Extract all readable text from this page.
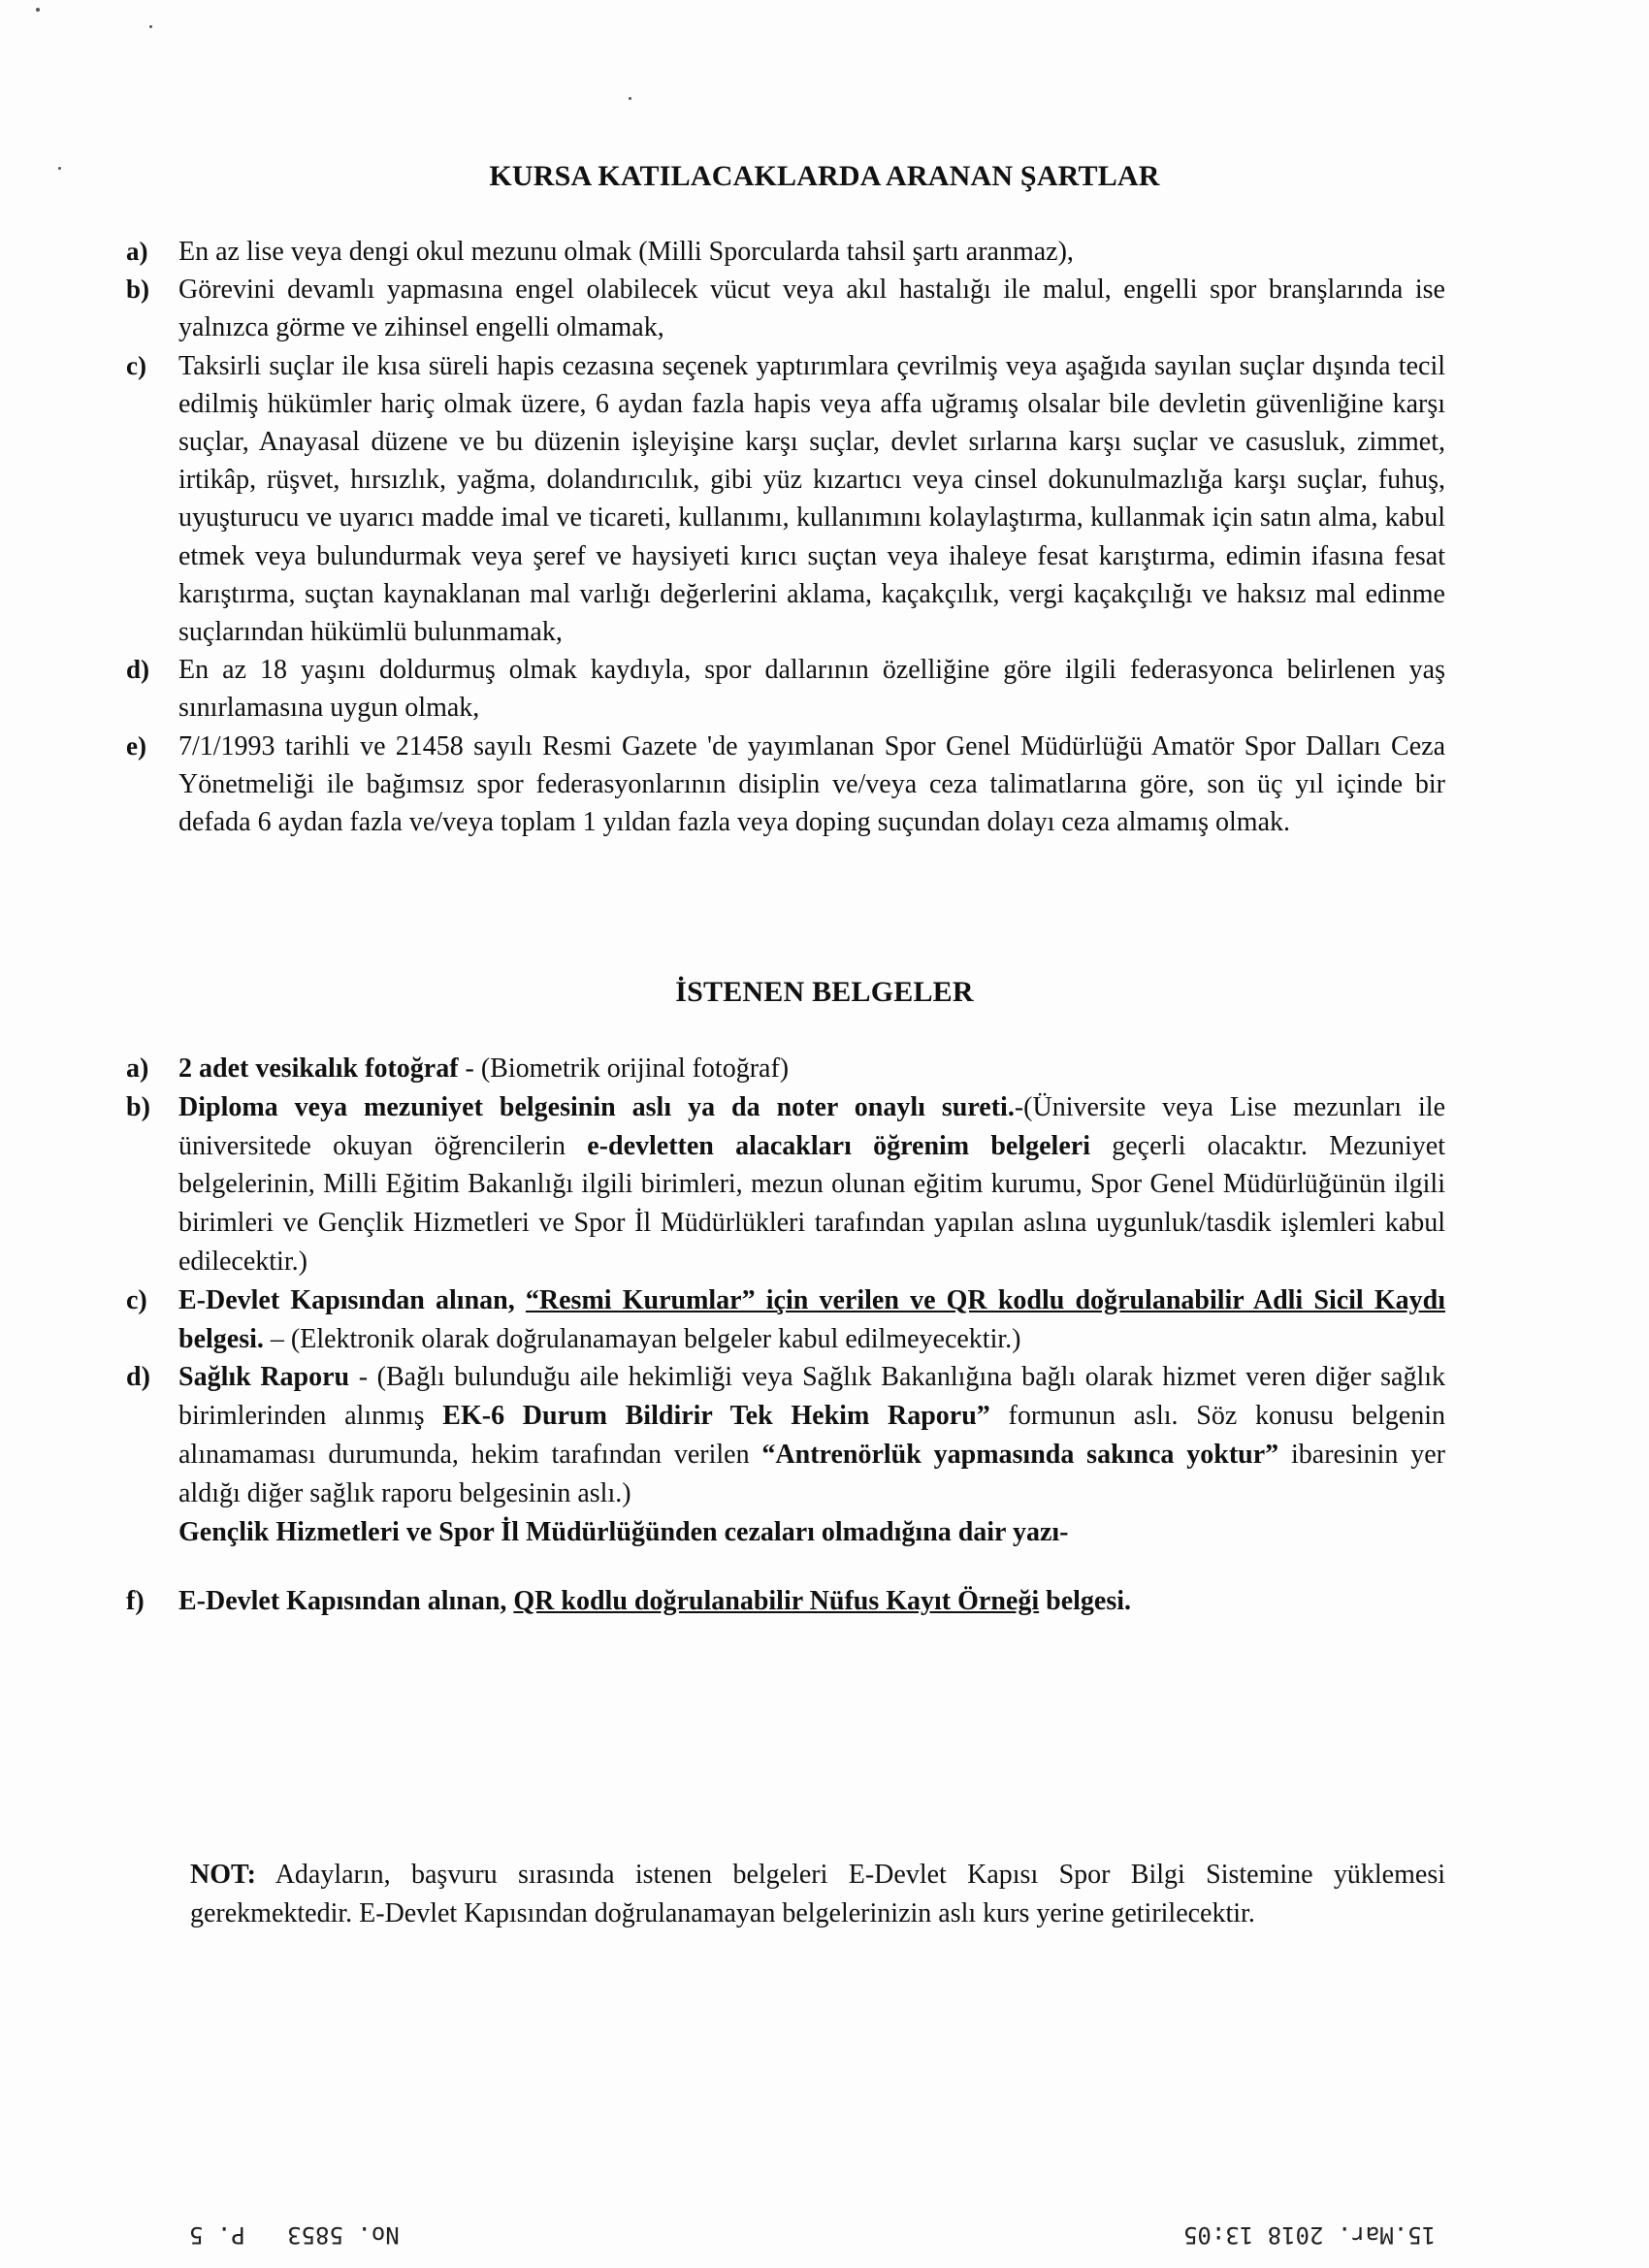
KURSA KATILACAKLARDA ARANAN ŞARTLAR
a) En az lise veya dengi okul mezunu olmak (Milli Sporcularda tahsil şartı aranmaz),
b) Görevini devamlı yapmasına engel olabilecek vücut veya akıl hastalığı ile malul, engelli spor branşlarında ise yalnızca görme ve zihinsel engelli olmamak,
c) Taksirli suçlar ile kısa süreli hapis cezasına seçenek yaptırımlara çevrilmiş veya aşağıda sayılan suçlar dışında tecil edilmiş hükümler hariç olmak üzere, 6 aydan fazla hapis veya affa uğramış olsalar bile devletin güvenliğine karşı suçlar, Anayasal düzene ve bu düzenin işleyişine karşı suçlar, devlet sırlarına karşı suçlar ve casusluk, zimmet, irtikâp, rüşvet, hırsızlık, yağma, dolandırıcılık, gibi yüz kızartıcı veya cinsel dokunulmazlığa karşı suçlar, fuhuş, uyuşturucu ve uyarıcı madde imal ve ticareti, kullanımı, kullanımını kolaylaştırma, kullanmak için satın alma, kabul etmek veya bulundurmak veya şeref ve haysiyeti kırıcı suçtan veya ihaleye fesat karıştırma, edimin ifasına fesat karıştırma, suçtan kaynaklanan mal varlığı değerlerini aklama, kaçakçılık, vergi kaçakçılığı ve haksız mal edinme suçlarından hükümlü bulunmamak,
d) En az 18 yaşını doldurmuş olmak kaydıyla, spor dallarının özelliğine göre ilgili federasyonca belirlenen yaş sınırlamasına uygun olmak,
e) 7/1/1993 tarihli ve 21458 sayılı Resmi Gazete 'de yayımlanan Spor Genel Müdürlüğü Amatör Spor Dalları Ceza Yönetmeliği ile bağımsız spor federasyonlarının disiplin ve/veya ceza talimatlarına göre, son üç yıl içinde bir defada 6 aydan fazla ve/veya toplam 1 yıldan fazla veya doping suçundan dolayı ceza almamış olmak.
İSTENEN BELGELER
a) 2 adet vesikalık fotoğraf - (Biometrik orijinal fotoğraf)
b) Diploma veya mezuniyet belgesinin aslı ya da noter onaylı sureti.-(Üniversite veya Lise mezunları ile üniversitede okuyan öğrencilerin e-devletten alacakları öğrenim belgeleri geçerli olacaktır. Mezuniyet belgelerinin, Milli Eğitim Bakanlığı ilgili birimleri, mezun olunan eğitim kurumu, Spor Genel Müdürlüğünün ilgili birimleri ve Gençlik Hizmetleri ve Spor İl Müdürlükleri tarafından yapılan aslına uygunluk/tasdik işlemleri kabul edilecektir.)
c) E-Devlet Kapısından alınan, “Resmi Kurumlar” için verilen ve QR kodlu doğrulanabilir Adli Sicil Kaydı belgesi. – (Elektronik olarak doğrulanamayan belgeler kabul edilmeyecektir.)
d) Sağlık Raporu - (Bağlı bulunduğu aile hekimliği veya Sağlık Bakanlığına bağlı olarak hizmet veren diğer sağlık birimlerinden alınmış EK-6 Durum Bildirir Tek Hekim Raporu” formunun aslı. Söz konusu belgenin alınamaması durumunda, hekim tarafından verilen “Antrenörlük yapmasında sakınca yoktur” ibaresinin yer aldığı diğer sağlık raporu belgesinin aslı.)
Gençlik Hizmetleri ve Spor İl Müdürlüğünden cezaları olmadığına dair yazı-
f) E-Devlet Kapısından alınan, QR kodlu doğrulanabilir Nüfus Kayıt Örneği belgesi.

NOT: Adayların, başvuru sırasında istenen belgeleri E-Devlet Kapısı Spor Bilgi Sistemine yüklemesi gerekmektedir. E-Devlet Kapısından doğrulanamayan belgelerinizin aslı kurs yerine getirilecektir.

No. 5853   P. 5	15.Mar. 2018 13:05
